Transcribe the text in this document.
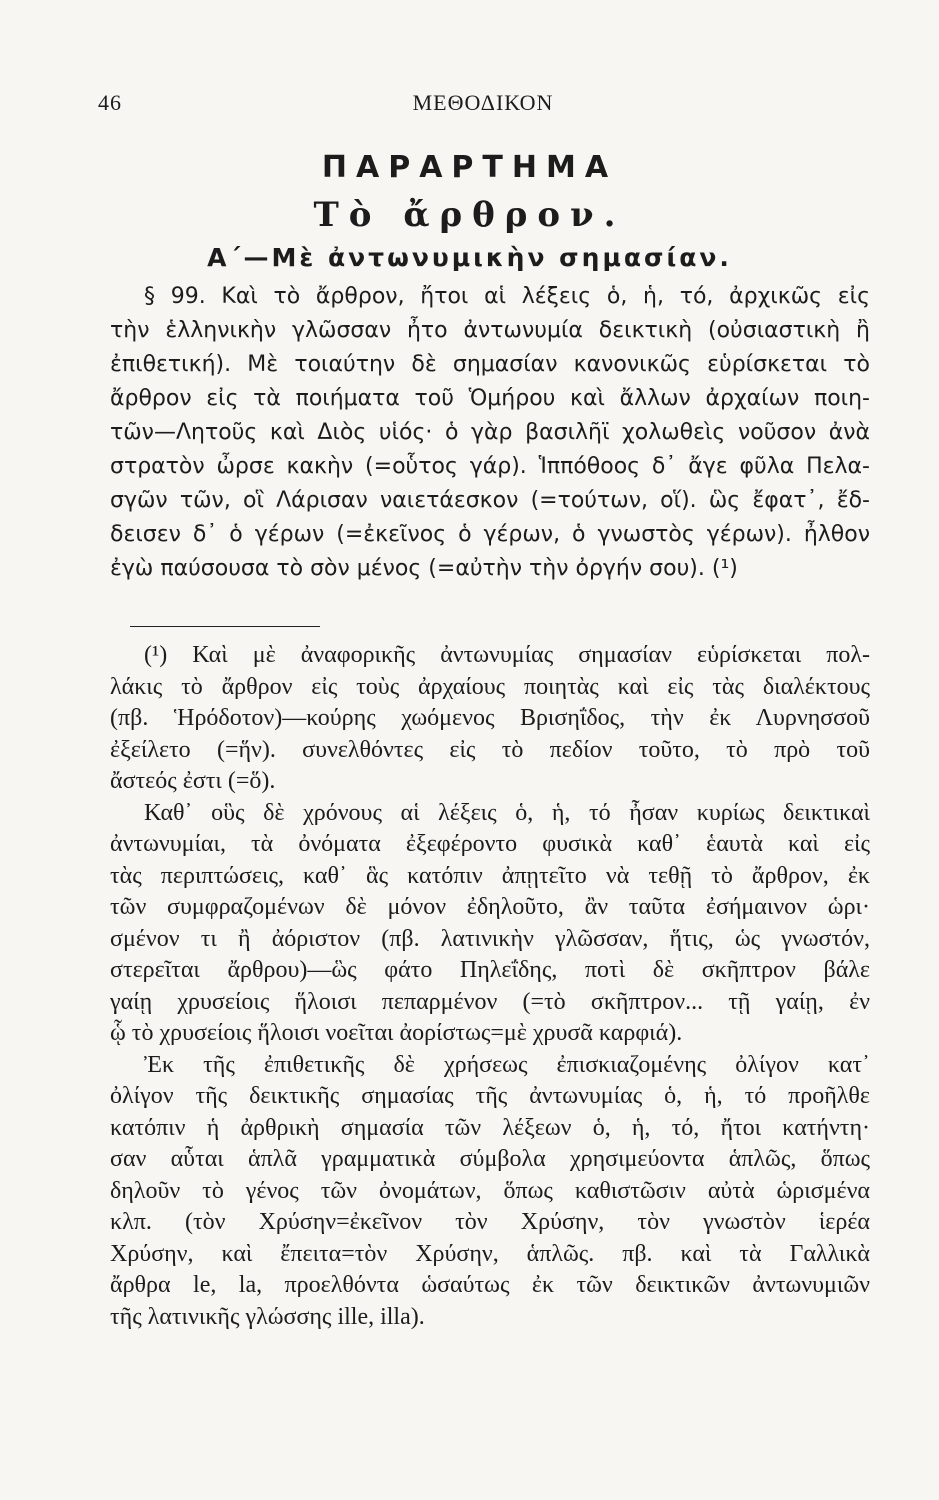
46	ΜΕΘΟΔΙΚΟΝ
ΠΑΡΑΡΤΗΜΑ
Τὸ ἄρθρον.
Α΄—Μὲ ἀντωνυμικὴν σημασίαν.
§ 99. Καὶ τὸ ἄρθρον, ἤτοι αἱ λέξεις ὁ, ἡ, τό, ἀρχικῶς εἰς
τὴν ἑλληνικὴν γλῶσσαν ἦτο ἀντωνυμία δεικτικὴ (οὐσιαστικὴ ἢ
ἐπιθετική). Μὲ τοιαύτην δὲ σημασίαν κανονικῶς εὑρίσκεται τὸ
ἄρθρον εἰς τὰ ποιήματα τοῦ Ὁμήρου καὶ ἄλλων ἀρχαίων ποιη-
τῶν—Λητοῦς καὶ Διὸς υἱός· ὁ γὰρ βασιλῆϊ χολωθεὶς νοῦσον ἀνὰ
στρατὸν ὦρσε κακὴν (=οὗτος γάρ). Ἱππόθοος δ᾽ ἄγε φῦλα Πελα-
σγῶν τῶν, οἳ Λάρισαν ναιετάεσκον (=τούτων, οἵ). ὣς ἔφατ᾽, ἔδ-
δεισεν δ᾽ ὁ γέρων (=ἐκεῖνος ὁ γέρων, ὁ γνωστὸς γέρων). ἦλθον
ἐγὼ παύσουσα τὸ σὸν μένος (=αὐτὴν τὴν ὀργήν σου). (¹)
(¹) Καὶ μὲ ἀναφορικῆς ἀντωνυμίας σημασίαν εὑρίσκεται πολ-
λάκις τὸ ἄρθρον εἰς τοὺς ἀρχαίους ποιητὰς καὶ εἰς τὰς διαλέκτους
(πβ. Ἡρόδοτον)—κούρης χωόμενος Βρισηΐδος, τὴν ἐκ Λυρνησσοῦ
ἐξείλετο (=ἥν). συνελθόντες εἰς τὸ πεδίον τοῦτο, τὸ πρὸ τοῦ
ἄστεός ἐστι (=ὅ).
Καθ᾽ οὓς δὲ χρόνους αἱ λέξεις ὁ, ἡ, τό ἦσαν κυρίως δεικτικαὶ
ἀντωνυμίαι, τὰ ὀνόματα ἐξεφέροντο φυσικὰ καθ᾽ ἑαυτὰ καὶ εἰς
τὰς περιπτώσεις, καθ᾽ ἃς κατόπιν ἀπῃτεῖτο νὰ τεθῇ τὸ ἄρθρον, ἐκ
τῶν συμφραζομένων δὲ μόνον ἐδηλοῦτο, ἂν ταῦτα ἐσήμαινον ὡρι·
σμένον τι ἢ ἀόριστον (πβ. λατινικὴν γλῶσσαν, ἥτις, ὡς γνωστόν,
στερεῖται ἄρθρου)—ὣς φάτο Πηλεΐδης, ποτὶ δὲ σκῆπτρον βάλε
γαίῃ χρυσείοις ἥλοισι πεπαρμένον (=τὸ σκῆπτρον... τῇ γαίῃ, ἐν
ᾧ τὸ χρυσείοις ἥλοισι νοεῖται ἀορίστως=μὲ χρυσᾶ καρφιά).
Ἐκ τῆς ἐπιθετικῆς δὲ χρήσεως ἐπισκιαζομένης ὀλίγον κατ᾽
ὀλίγον τῆς δεικτικῆς σημασίας τῆς ἀντωνυμίας ὁ, ἡ, τό προῆλθε
κατόπιν ἡ ἀρθρικὴ σημασία τῶν λέξεων ὁ, ἡ, τό, ἤτοι κατήντη·
σαν αὗται ἁπλᾶ γραμματικὰ σύμβολα χρησιμεύοντα ἁπλῶς, ὅπως
δηλοῦν τὸ γένος τῶν ὀνομάτων, ὅπως καθιστῶσιν αὐτὰ ὡρισμένα
κλπ. (τὸν Χρύσην=ἐκεῖνον τὸν Χρύσην, τὸν γνωστὸν ἱερέα
Χρύσην, καὶ ἔπειτα=τὸν Χρύσην, ἁπλῶς. πβ. καὶ τὰ Γαλλικὰ
ἄρθρα le, la, προελθόντα ὡσαύτως ἐκ τῶν δεικτικῶν ἀντωνυμιῶν
τῆς λατινικῆς γλώσσης ille, illa).
